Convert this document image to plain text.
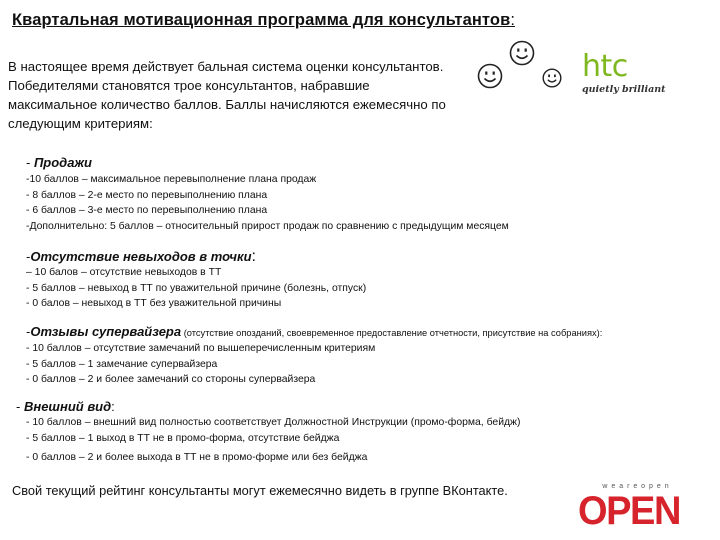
Квартальная мотивационная программа для консультантов:
В настоящее время действует бальная система оценки консультантов.
Победителями становятся трое консультантов, набравшие
максимальное количество баллов. Баллы начисляются ежемесячно по
следующим критериям:
htc
quietly brilliant
- Продажи
-10 баллов – максимальное перевыполнение плана продаж
- 8 баллов – 2-е место по перевыполнению плана
- 6 баллов – 3-е место по перевыполнению плана
-Дополнительно: 5 баллов – относительный прирост продаж по сравнению с предыдущим месяцем
-Отсутствие невыходов в точки:
– 10 балов – отсутствие невыходов в ТТ
- 5 баллов – невыход в ТТ по уважительной причине (болезнь, отпуск)
- 0 балов – невыход в ТТ без уважительной причины
-Отзывы супервайзера (отсутствие опозданий, своевременное предоставление отчетности, присутствие на собраниях):
- 10 баллов – отсутствие замечаний по вышеперечисленным критериям
- 5 баллов – 1 замечание супервайзера
- 0 баллов – 2 и более замечаний со стороны супервайзера
- Внешний вид:
- 10 баллов – внешний вид полностью соответствует Должностной Инструкции (промо-форма, бейдж)
- 5 баллов – 1 выход в ТТ не в промо-форма, отсутствие бейджа
- 0 баллов – 2 и более выхода в ТТ не в промо-форме или без бейджа
Свой текущий рейтинг консультанты могут ежемесячно видеть в группе ВКонтакте.	w e a r e o p e n
OPEN
